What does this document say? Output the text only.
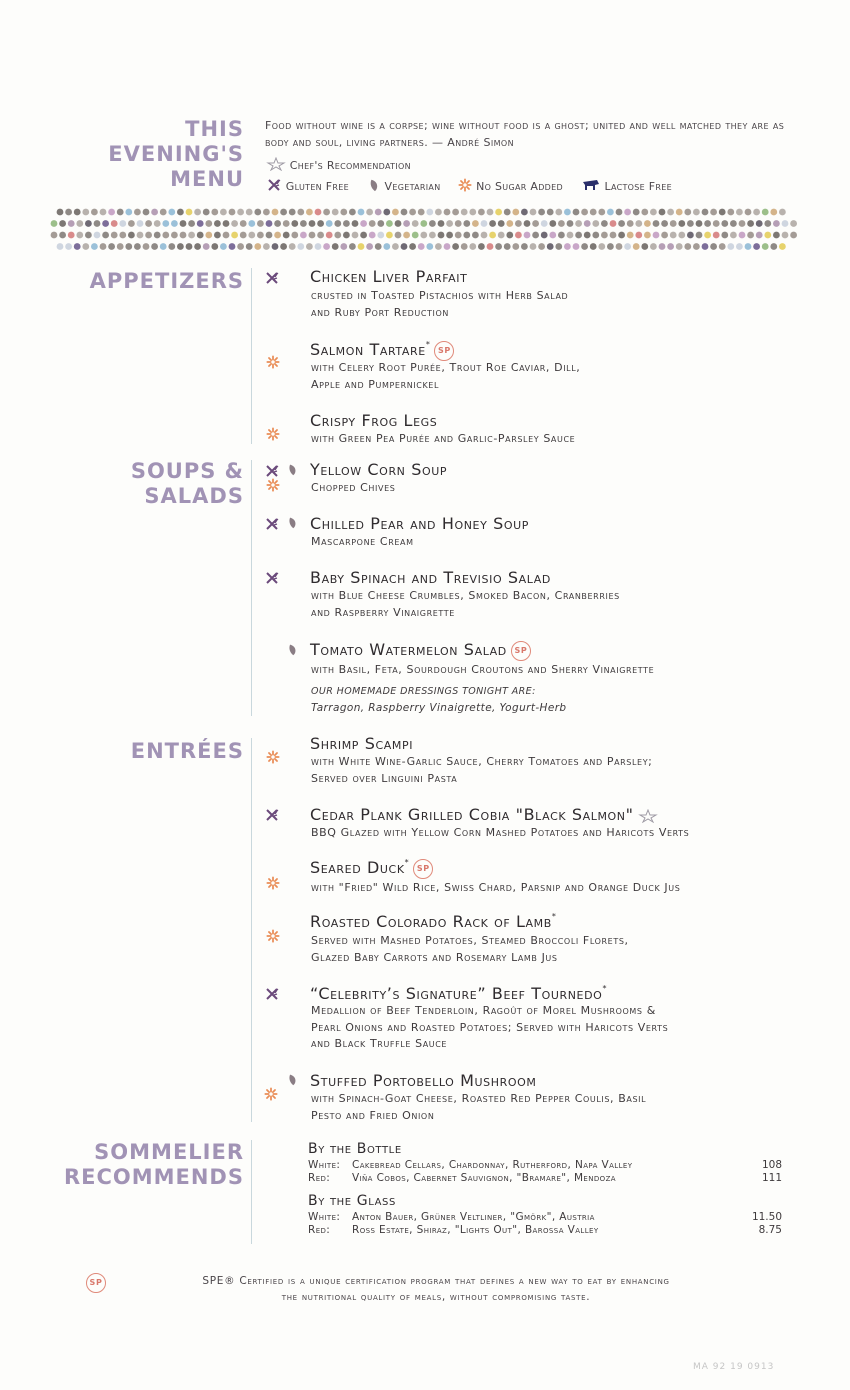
THIS
EVENING'S
MENU
Food without wine is a corpse; wine without food is a ghost; united and well matched they are as body and soul, living partners. — André Simon
Chef's Recommendation
Gluten Free	Vegetarian	No Sugar Added	Lactose Free
APPETIZERS
SOUPS &
SALADS
ENTRÉES
SOMMELIER
RECOMMENDS
Chicken Liver Parfait
crusted in Toasted Pistachios with Herb Salad
and Ruby Port Reduction
Salmon Tartare*SP
with Celery Root Purée, Trout Roe Caviar, Dill,
Apple and Pumpernickel
Crispy Frog Legs
with Green Pea Purée and Garlic-Parsley Sauce
Yellow Corn Soup
Chopped Chives
Chilled Pear and Honey Soup
Mascarpone Cream
Baby Spinach and Trevisio Salad
with Blue Cheese Crumbles, Smoked Bacon, Cranberries
and Raspberry Vinaigrette
Tomato Watermelon Salad SP
with Basil, Feta, Sourdough Croutons and Sherry Vinaigrette
OUR HOMEMADE DRESSINGS TONIGHT ARE:
Tarragon, Raspberry Vinaigrette, Yogurt-Herb
Shrimp Scampi
with White Wine-Garlic Sauce, Cherry Tomatoes and Parsley;
Served over Linguini Pasta
Cedar Plank Grilled Cobia "Black Salmon"
BBQ Glazed with Yellow Corn Mashed Potatoes and Haricots Verts
Seared Duck*SP
with "Fried" Wild Rice, Swiss Chard, Parsnip and Orange Duck Jus
Roasted Colorado Rack of Lamb*
Served with Mashed Potatoes, Steamed Broccoli Florets,
Glazed Baby Carrots and Rosemary Lamb Jus
“Celebrity’s Signature” Beef Tournedo*
Medallion of Beef Tenderloin, Ragoût of Morel Mushrooms &
Pearl Onions and Roasted Potatoes; Served with Haricots Verts
and Black Truffle Sauce
Stuffed Portobello Mushroom
with Spinach-Goat Cheese, Roasted Red Pepper Coulis, Basil
Pesto and Fried Onion
By the Bottle
White: Cakebread Cellars, Chardonnay, Rutherford, Napa Valley	108
Red: Viña Cobos, Cabernet Sauvignon, "Bramare", Mendoza	111
By the Glass
White: Anton Bauer, Grüner Veltliner, "Gmörk", Austria	11.50
Red: Ross Estate, Shiraz, "Lights Out", Barossa Valley	8.75
SP	SPE® Certified is a unique certification program that defines a new way to eat by enhancing
the nutritional quality of meals, without compromising taste.
MA 92 19 0913
